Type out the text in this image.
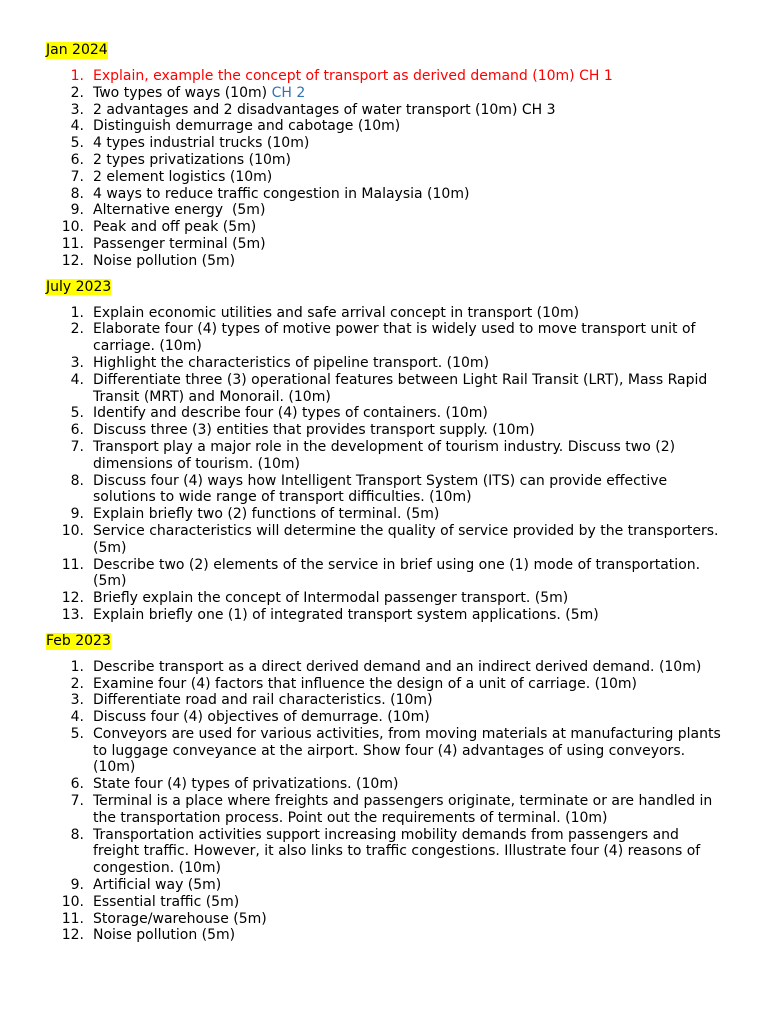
Jan 2024
1. Explain, example the concept of transport as derived demand (10m) CH 1
2. Two types of ways (10m) CH 2
3. 2 advantages and 2 disadvantages of water transport (10m) CH 3
4. Distinguish demurrage and cabotage (10m)
5. 4 types industrial trucks (10m)
6. 2 types privatizations (10m)
7. 2 element logistics (10m)
8. 4 ways to reduce traffic congestion in Malaysia (10m)
9. Alternative energy  (5m)
10. Peak and off peak (5m)
11. Passenger terminal (5m)
12. Noise pollution (5m)
July 2023
1. Explain economic utilities and safe arrival concept in transport (10m)
2. Elaborate four (4) types of motive power that is widely used to move transport unit of carriage. (10m)
3. Highlight the characteristics of pipeline transport. (10m)
4. Differentiate three (3) operational features between Light Rail Transit (LRT), Mass Rapid Transit (MRT) and Monorail. (10m)
5. Identify and describe four (4) types of containers. (10m)
6. Discuss three (3) entities that provides transport supply. (10m)
7. Transport play a major role in the development of tourism industry. Discuss two (2) dimensions of tourism. (10m)
8. Discuss four (4) ways how Intelligent Transport System (ITS) can provide effective solutions to wide range of transport difficulties. (10m)
9. Explain briefly two (2) functions of terminal. (5m)
10. Service characteristics will determine the quality of service provided by the transporters. (5m)
11. Describe two (2) elements of the service in brief using one (1) mode of transportation. (5m)
12. Briefly explain the concept of Intermodal passenger transport. (5m)
13. Explain briefly one (1) of integrated transport system applications. (5m)
Feb 2023
1. Describe transport as a direct derived demand and an indirect derived demand. (10m)
2. Examine four (4) factors that influence the design of a unit of carriage. (10m)
3. Differentiate road and rail characteristics. (10m)
4. Discuss four (4) objectives of demurrage. (10m)
5. Conveyors are used for various activities, from moving materials at manufacturing plants to luggage conveyance at the airport. Show four (4) advantages of using conveyors. (10m)
6. State four (4) types of privatizations. (10m)
7. Terminal is a place where freights and passengers originate, terminate or are handled in the transportation process. Point out the requirements of terminal. (10m)
8. Transportation activities support increasing mobility demands from passengers and freight traffic. However, it also links to traffic congestions. Illustrate four (4) reasons of congestion. (10m)
9. Artificial way (5m)
10. Essential traffic (5m)
11. Storage/warehouse (5m)
12. Noise pollution (5m)
